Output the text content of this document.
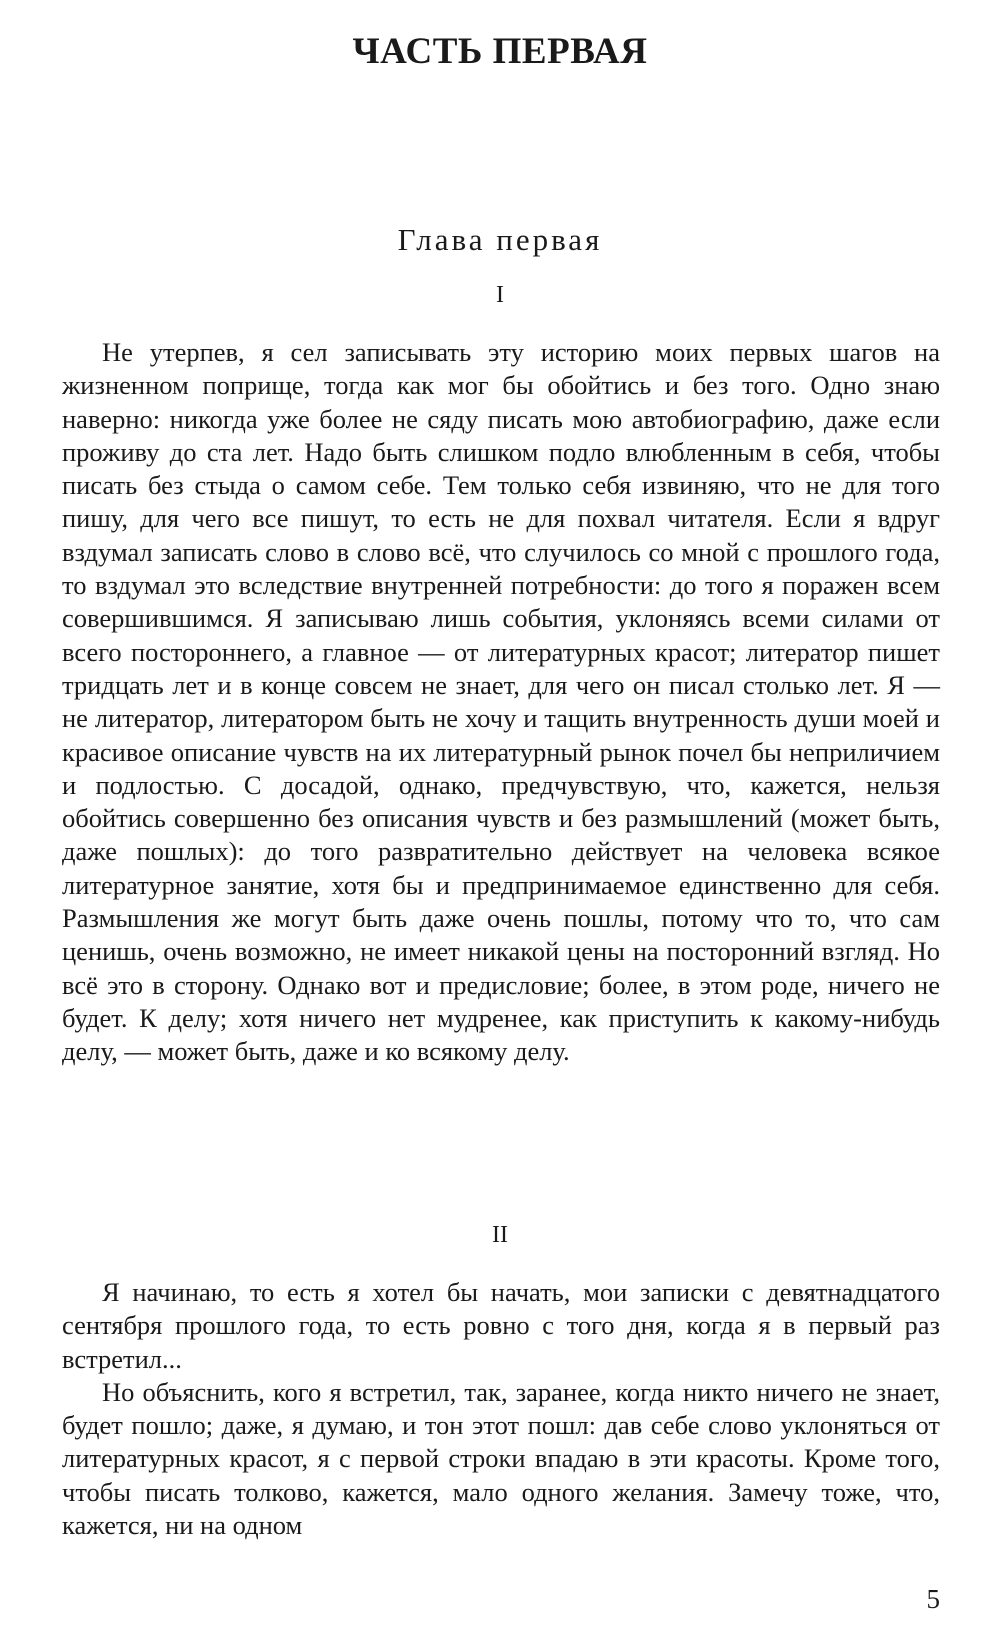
ЧАСТЬ ПЕРВАЯ
Глава первая
I

Не утерпев, я сел записывать эту историю моих первых шагов на жизненном поприще, тогда как мог бы обойтись и без того. Одно знаю наверно: никогда уже более не сяду писать мою автобиографию, даже если проживу до ста лет. Надо быть слишком подло влюбленным в себя, чтобы писать без стыда о самом себе. Тем только себя извиняю, что не для того пишу, для чего все пишут, то есть не для похвал читателя. Если я вдруг вздумал записать слово в слово всё, что случилось со мной с прошлого года, то вздумал это вследствие внутренней потребности: до того я поражен всем совершившимся. Я записываю лишь события, уклоняясь всеми силами от всего постороннего, а главное — от литературных красот; литератор пишет тридцать лет и в конце совсем не знает, для чего он писал столько лет. Я — не литератор, литератором быть не хочу и тащить внутренность души моей и красивое описание чувств на их литературный рынок почел бы неприличием и подлостью. С досадой, однако, предчувствую, что, кажется, нельзя обойтись совершенно без описания чувств и без размышлений (может быть, даже пошлых): до того развратительно действует на человека всякое литературное занятие, хотя бы и предпринимаемое единственно для себя. Размышления же могут быть даже очень пошлы, потому что то, что сам ценишь, очень возможно, не имеет никакой цены на посторонний взгляд. Но всё это в сторону. Однако вот и предисловие; более, в этом роде, ничего не будет. К делу; хотя ничего нет мудренее, как приступить к какому-нибудь делу, — может быть, даже и ко всякому делу.

II

Я начинаю, то есть я хотел бы начать, мои записки с девятнадцатого сентября прошлого года, то есть ровно с того дня, когда я в первый раз встретил...

Но объяснить, кого я встретил, так, заранее, когда никто ничего не знает, будет пошло; даже, я думаю, и тон этот пошл: дав себе слово уклоняться от литературных красот, я с первой строки впадаю в эти красоты. Кроме того, чтобы писать толково, кажется, мало одного желания. Замечу тоже, что, кажется, ни на одном

5
